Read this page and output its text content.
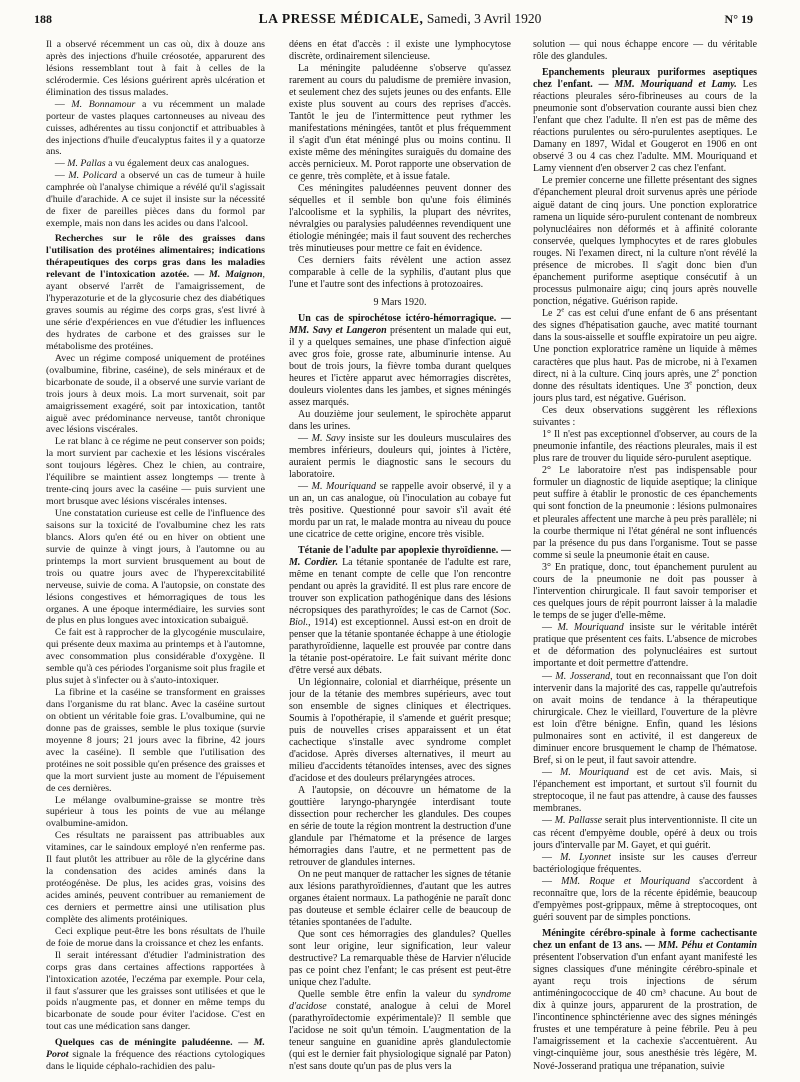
188	LA PRESSE MÉDICALE, Samedi, 3 Avril 1920	N° 19

Il a observé récemment un cas où, dix à douze ans après des injections d'huile créosotée, apparurent des lésions ressemblant tout à fait à celles de la sclérodermie. Ces lésions guérirent après ulcération et élimination des tissus malades.

— M. Bonnamour a vu récemment un malade porteur de vastes plaques cartonneuses au niveau des cuisses, adhérentes au tissu conjonctif et attribuables à des injections d'huile d'eucalyptus faites il y a quatorze ans.

— M. Pallas a vu également deux cas analogues.

— M. Policard a observé un cas de tumeur à huile camphrée où l'analyse chimique a révélé qu'il s'agissait d'huile d'arachide. A ce sujet il insiste sur la nécessité de fixer de pareilles pièces dans du formol par exemple, mais non dans les acides ou dans l'alcool.

Recherches sur le rôle des graisses dans l'utilisation des protéines alimentaires; indications thérapeutiques des corps gras dans les maladies relevant de l'intoxication azotée. — M. Maignon, ayant observé l'arrêt de l'amaigrissement, de l'hyperazoturie et de la glycosurie chez des diabétiques graves soumis au régime des corps gras, s'est livré à une série d'expériences en vue d'étudier les influences des hydrates de carbone et des graisses sur le métabolisme des protéines.

Avec un régime composé uniquement de protéines (ovalbumine, fibrine, caséine), de sels minéraux et de bicarbonate de soude, il a observé une survie variant de trois jours à deux mois. La mort survenait, soit par amaigrissement exagéré, soit par intoxication, tantôt aiguë avec prédominance nerveuse, tantôt chronique avec lésions viscérales.

Le rat blanc à ce régime ne peut conserver son poids; la mort survient par cachexie et les lésions viscérales sont toujours légères. Chez le chien, au contraire, l'équilibre se maintient assez longtemps — trente à trente-cinq jours avec la caséine — puis survient une mort brusque avec lésions viscérales intenses.

Une constatation curieuse est celle de l'influence des saisons sur la toxicité de l'ovalbumine chez les rats blancs. Alors qu'en été ou en hiver on obtient une survie de quinze à vingt jours, à l'automne ou au printemps la mort survient brusquement au bout de trois ou quatre jours avec de l'hyperexcitabilité nerveuse, suivie de coma. A l'autopsie, on constate des lésions congestives et hémorragiques de tous les organes. A une époque intermédiaire, les survies sont de plus en plus longues avec intoxication subaiguë.

Ce fait est à rapprocher de la glycogénie musculaire, qui présente deux maxima au printemps et à l'automne, avec consommation plus considérable d'oxygène. Il semble qu'à ces périodes l'organisme soit plus fragile et plus sujet à s'infecter ou à s'auto-intoxiquer.

La fibrine et la caséine se transforment en graisses dans l'organisme du rat blanc. Avec la caséine surtout on obtient un véritable foie gras. L'ovalbumine, qui ne donne pas de graisses, semble le plus toxique (survie moyenne 8 jours; 21 jours avec la fibrine, 42 jours avec la caséine). Il semble que l'utilisation des protéines ne soit possible qu'en présence des graisses et que la mort survient juste au moment de l'épuisement de ces dernières.

Le mélange ovalbumine-graisse se montre très supérieur à tous les points de vue au mélange ovalbumine-amidon.

Ces résultats ne paraissent pas attribuables aux vitamines, car le saindoux employé n'en renferme pas. Il faut plutôt les attribuer au rôle de la glycérine dans la condensation des acides aminés dans la protéogénèse. De plus, les acides gras, voisins des acides aminés, peuvent contribuer au remaniement de ces derniers et permettre ainsi une utilisation plus complète des aliments protéiniques.

Ceci explique peut-être les bons résultats de l'huile de foie de morue dans la croissance et chez les enfants.

Il serait intéressant d'étudier l'administration des corps gras dans certaines affections rapportées à l'intoxication azotée, l'eczéma par exemple. Pour cela, il faut s'assurer que les graisses sont utilisées et que le poids n'augmente pas, et donner en même temps du bicarbonate de soude pour éviter l'acidose. C'est en tout cas une médication sans danger.

Quelques cas de méningite paludéenne. — M. Porot signale la fréquence des réactions cytologiques dans le liquide céphalo-rachidien des palu-

déens en état d'accès : il existe une lymphocytose discrète, ordinairement silencieuse.

La méningite paludéenne s'observe qu'assez rarement au cours du paludisme de première invasion, et seulement chez des sujets jeunes ou des enfants. Elle existe plus souvent au cours des reprises d'accès. Tantôt le jeu de l'intermittence peut rythmer les manifestations méningées, tantôt et plus fréquemment il s'agit d'un état méningé plus ou moins continu. Il existe même des méningites suraiguës du domaine des accès pernicieux. M. Porot rapporte une observation de ce genre, très complète, et à issue fatale.

Ces méningites paludéennes peuvent donner des séquelles et il semble bon qu'une fois éliminés l'alcoolisme et la syphilis, la plupart des névrites, névralgies ou paralysies paludéennes revendiquent une étiologie méningée; mais il faut souvent des recherches très minutieuses pour mettre ce fait en évidence.

Ces derniers faits révèlent une action assez comparable à celle de la syphilis, d'autant plus que l'une et l'autre sont des infections à protozoaires.

9 Mars 1920.

Un cas de spirochétose ictéro-hémorragique. — MM. Savy et Langeron présentent un malade qui eut, il y a quelques semaines, une phase d'infection aiguë avec gros foie, grosse rate, albuminurie intense. Au bout de trois jours, la fièvre tomba durant quelques heures et l'ictère apparut avec hémorragies discrètes, douleurs violentes dans les jambes, et signes méningés assez marqués.

Au douzième jour seulement, le spirochète apparut dans les urines.

— M. Savy insiste sur les douleurs musculaires des membres inférieurs, douleurs qui, jointes à l'ictère, auraient permis le diagnostic sans le secours du laboratoire.

— M. Mouriquand se rappelle avoir observé, il y a un an, un cas analogue, où l'inoculation au cobaye fut très positive. Questionné pour savoir s'il avait été mordu par un rat, le malade montra au niveau du pouce une cicatrice de cette origine, encore très visible.

Tétanie de l'adulte par apoplexie thyroïdienne. — M. Cordier. La tétanie spontanée de l'adulte est rare, même en tenant compte de celle que l'on rencontre pendant ou après la gravidité. Il est plus rare encore de trouver son explication pathogénique dans des lésions nécropsiques des parathyroïdes; le cas de Carnot (Soc. Biol., 1914) est exceptionnel. Aussi est-on en droit de penser que la tétanie spontanée échappe à une étiologie parathyroïdienne, laquelle est prouvée par contre dans la tétanie post-opératoire. Le fait suivant mérite donc d'être versé aux débats.

Un légionnaire, colonial et diarrhéique, présente un jour de la tétanie des membres supérieurs, avec tout son ensemble de signes cliniques et électriques. Soumis à l'opothérapie, il s'amende et guérit presque; puis de nouvelles crises apparaissent et un état cachectique s'installe avec syndrome complet d'acidose. Après diverses alternatives, il meurt au milieu d'accidents tétanoïdes intenses, avec des signes d'acidose et des douleurs prélaryngées atroces.

A l'autopsie, on découvre un hématome de la gouttière laryngo-pharyngée interdisant toute dissection pour rechercher les glandules. Des coupes en série de toute la région montrent la destruction d'une glandule par l'hématome et la présence de larges hémorragies dans l'autre, et ne permettent pas de retrouver de glandules internes.

On ne peut manquer de rattacher les signes de tétanie aux lésions parathyroïdiennes, d'autant que les autres organes étaient normaux. La pathogénie ne paraît donc pas douteuse et semble éclairer celle de beaucoup de tétanies spontanées de l'adulte.

Que sont ces hémorragies des glandules? Quelles sont leur origine, leur signification, leur valeur destructive? La remarquable thèse de Harvier n'élucide pas ce point chez l'enfant; le cas présent est peut-être unique chez l'adulte.

Quelle semble être enfin la valeur du syndrome d'acidose constaté, analogue à celui de Morel (parathyroïdectomie expérimentale)? Il semble que l'acidose ne soit qu'un témoin. L'augmentation de la teneur sanguine en guanidine après glandulectomie (qui est le dernier fait physiologique signalé par Paton) n'est sans doute qu'un pas de plus vers la

solution — qui nous échappe encore — du véritable rôle des glandules.

Epanchements pleuraux puriformes aseptiques chez l'enfant. — MM. Mouriquand et Lamy. Les réactions pleurales séro-fibrineuses au cours de la pneumonie sont d'observation courante aussi bien chez l'enfant que chez l'adulte. Il n'en est pas de même des réactions purulentes ou séro-purulentes aseptiques. Le Damany en 1897, Widal et Gougerot en 1906 en ont observé 3 ou 4 cas chez l'adulte. MM. Mouriquand et Lamy viennent d'en observer 2 cas chez l'enfant.

Le premier concerne une fillette présentant des signes d'épanchement pleural droit survenus après une période aiguë datant de cinq jours. Une ponction exploratrice ramena un liquide séro-purulent contenant de nombreux polynucléaires non déformés et à affinité colorante conservée, quelques lymphocytes et de rares globules rouges. Ni l'examen direct, ni la culture n'ont révélé la présence de microbes. Il s'agit donc bien d'un épanchement puriforme aseptique consécutif à un processus pulmonaire aigu; cinq jours après nouvelle ponction, négative. Guérison rapide.

Le 2e cas est celui d'une enfant de 6 ans présentant des signes d'hépatisation gauche, avec matité tournant dans la sous-aisselle et souffle expiratoire un peu aigre. Une ponction exploratrice ramène un liquide à mêmes caractères que plus haut. Pas de microbe, ni à l'examen direct, ni à la culture. Cinq jours après, une 2e ponction donne des résultats identiques. Une 3e ponction, deux jours plus tard, est négative. Guérison.

Ces deux observations suggèrent les réflexions suivantes :

1° Il n'est pas exceptionnel d'observer, au cours de la pneumonie infantile, des réactions pleurales, mais il est plus rare de trouver du liquide séro-purulent aseptique.

2° Le laboratoire n'est pas indispensable pour formuler un diagnostic de liquide aseptique; la clinique peut suffire à établir le pronostic de ces épanchements qui sont fonction de la pneumonie : lésions pulmonaires et pleurales affectent une marche à peu près parallèle; ni la courbe thermique ni l'état général ne sont influencés par la présence du pus dans l'organisme. Tout se passe comme si seule la pneumonie était en cause.

3° En pratique, donc, tout épanchement purulent au cours de la pneumonie ne doit pas pousser à l'intervention chirurgicale. Il faut savoir temporiser et ces quelques jours de répit pourront laisser à la maladie le temps de se juger d'elle-même.

— M. Mouriquand insiste sur le véritable intérêt pratique que présentent ces faits. L'absence de microbes et de déformation des polynucléaires est surtout importante et doit permettre d'attendre.

— M. Josserand, tout en reconnaissant que l'on doit intervenir dans la majorité des cas, rappelle qu'autrefois on avait moins de tendance à la thérapeutique chirurgicale. Chez le vieillard, l'ouverture de la plèvre est loin d'être bénigne. Enfin, quand les lésions pulmonaires sont en activité, il est dangereux de diminuer encore brusquement le champ de l'hématose. Bref, si on le peut, il faut savoir attendre.

— M. Mouriquand est de cet avis. Mais, si l'épanchement est important, et surtout s'il fournit du streptocoque, il ne faut pas attendre, à cause des fausses membranes.

— M. Pallasse serait plus interventionniste. Il cite un cas récent d'empyème double, opéré à deux ou trois jours d'intervalle par M. Gayet, et qui guérit.

— M. Lyonnet insiste sur les causes d'erreur bactériologique fréquentes.

— MM. Roque et Mouriquand s'accordent à reconnaître que, lors de la récente épidémie, beaucoup d'empyèmes post-grippaux, même à streptocoques, ont guéri souvent par de simples ponctions.

Méningite cérébro-spinale à forme cachectisante chez un enfant de 13 ans. — MM. Péhu et Contamin présentent l'observation d'un enfant ayant manifesté les signes classiques d'une méningite cérébro-spinale et ayant reçu trois injections de sérum antiméningococcique de 40 cm³ chacune. Au bout de dix à quinze jours, apparurent de la prostration, de l'incontinence sphinctérienne avec des signes méningés frustes et une température à peine fébrile. Peu à peu l'amaigrissement et la cachexie s'accentuèrent. Au vingt-cinquième jour, sous anesthésie très légère, M. Nové-Josserand pratiqua une trépanation, suivie
